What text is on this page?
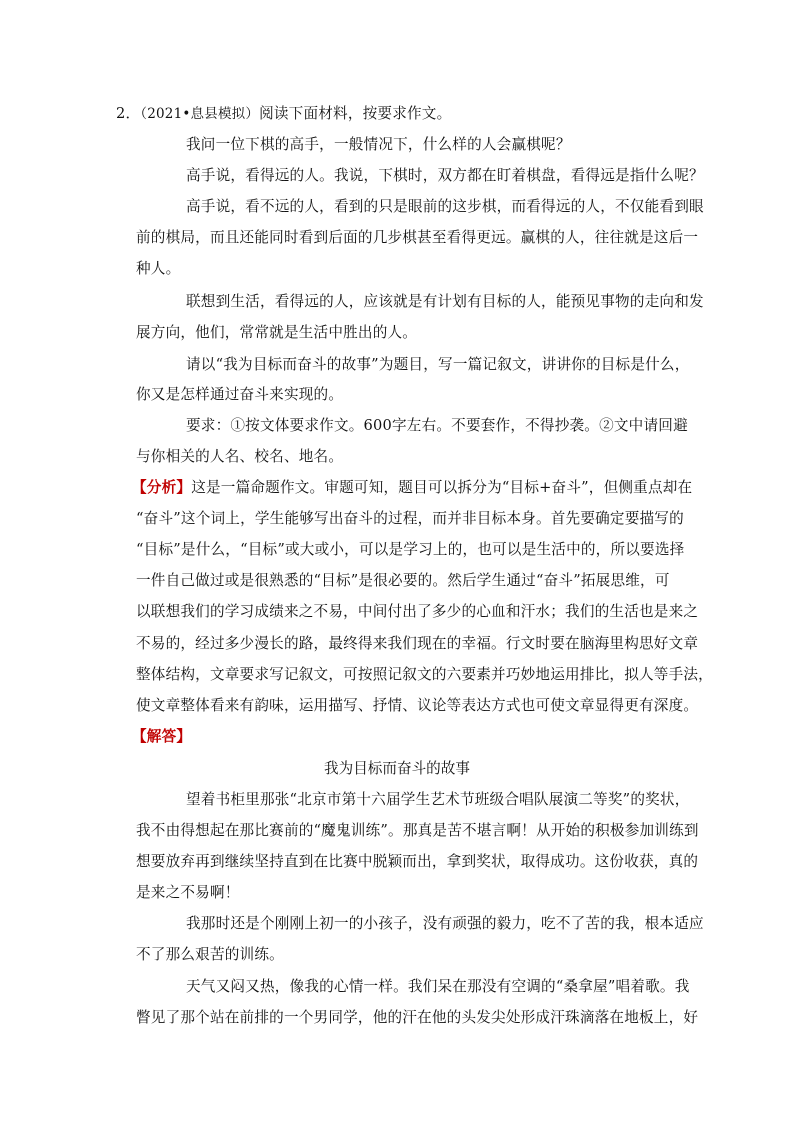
2．（2021•息县模拟）阅读下面材料，按要求作文。
我问一位下棋的高手，一般情况下，什么样的人会赢棋呢？
高手说，看得远的人。我说，下棋时，双方都在盯着棋盘，看得远是指什么呢？
高手说，看不远的人，看到的只是眼前的这步棋，而看得远的人，不仅能看到眼
前的棋局，而且还能同时看到后面的几步棋甚至看得更远。赢棋的人，往往就是这后一
种人。
联想到生活，看得远的人，应该就是有计划有目标的人，能预见事物的走向和发
展方向，他们，常常就是生活中胜出的人。
请以“我为目标而奋斗的故事”为题目，写一篇记叙文，讲讲你的目标是什么，
你又是怎样通过奋斗来实现的。
要求：①按文体要求作文。600字左右。不要套作，不得抄袭。②文中请回避
与你相关的人名、校名、地名。
【分析】这是一篇命题作文。审题可知，题目可以拆分为“目标+奋斗”，但侧重点却在
“奋斗”这个词上，学生能够写出奋斗的过程，而并非目标本身。首先要确定要描写的
“目标”是什么，“目标”或大或小，可以是学习上的，也可以是生活中的，所以要选择
一件自己做过或是很熟悉的“目标”是很必要的。然后学生通过“奋斗”拓展思维，可
以联想我们的学习成绩来之不易，中间付出了多少的心血和汗水；我们的生活也是来之
不易的，经过多少漫长的路，最终得来我们现在的幸福。行文时要在脑海里构思好文章
整体结构，文章要求写记叙文，可按照记叙文的六要素并巧妙地运用排比，拟人等手法，
使文章整体看来有韵味，运用描写、抒情、议论等表达方式也可使文章显得更有深度。
【解答】
我为目标而奋斗的故事
望着书柜里那张“北京市第十六届学生艺术节班级合唱队展演二等奖”的奖状，
我不由得想起在那比赛前的“魔鬼训练”。那真是苦不堪言啊！从开始的积极参加训练到
想要放弃再到继续坚持直到在比赛中脱颖而出，拿到奖状，取得成功。这份收获，真的
是来之不易啊！
我那时还是个刚刚上初一的小孩子，没有顽强的毅力，吃不了苦的我，根本适应
不了那么艰苦的训练。
天气又闷又热，像我的心情一样。我们呆在那没有空调的“桑拿屋”唱着歌。我
瞥见了那个站在前排的一个男同学，他的汗在他的头发尖处形成汗珠滴落在地板上，好
